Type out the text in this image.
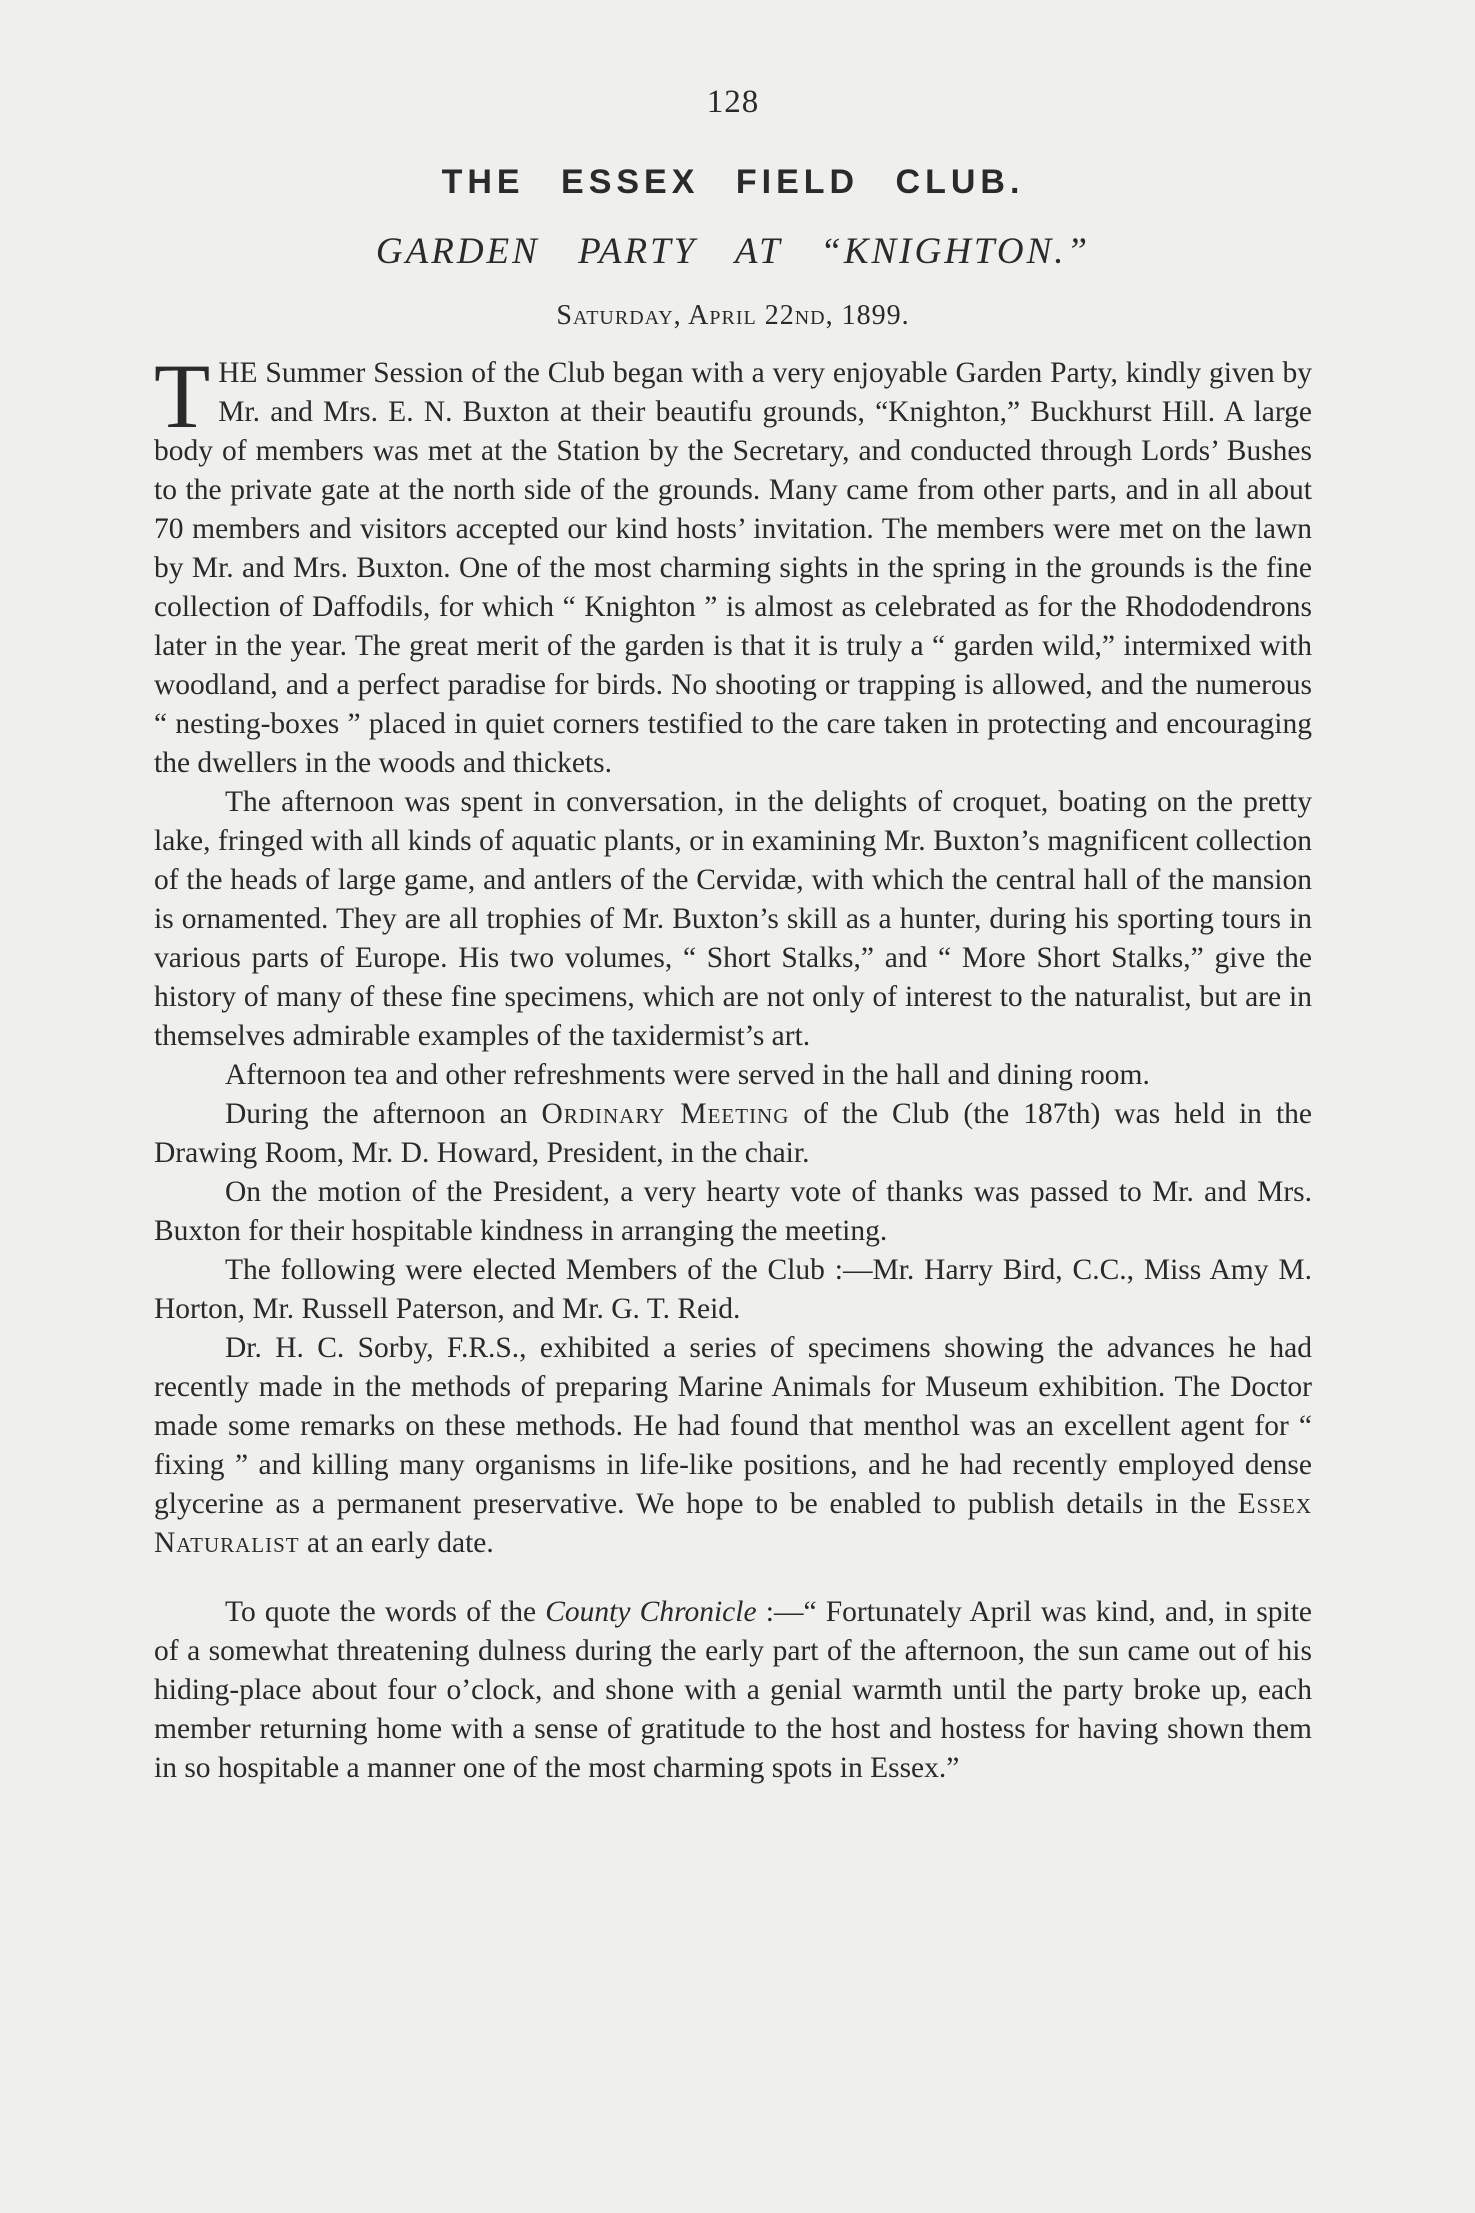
128
THE ESSEX FIELD CLUB.
GARDEN PARTY AT “KNIGHTON.”
Saturday, April 22nd, 1899.

THE Summer Session of the Club began with a very enjoyable Garden Party, kindly given by Mr. and Mrs. E. N. Buxton at their beautifu grounds, “Knighton,” Buckhurst Hill. A large body of members was met at the Station by the Secretary, and conducted through Lords’ Bushes to the private gate at the north side of the grounds. Many came from other parts, and in all about 70 members and visitors accepted our kind hosts’ invitation. The members were met on the lawn by Mr. and Mrs. Buxton. One of the most charming sights in the spring in the grounds is the fine collection of Daffodils, for which “ Knighton ” is almost as celebrated as for the Rhododendrons later in the year. The great merit of the garden is that it is truly a “ garden wild,” intermixed with woodland, and a perfect paradise for birds. No shooting or trapping is allowed, and the numerous “ nesting-boxes ” placed in quiet corners testified to the care taken in protecting and encouraging the dwellers in the woods and thickets.

The afternoon was spent in conversation, in the delights of croquet, boating on the pretty lake, fringed with all kinds of aquatic plants, or in examining Mr. Buxton’s magnificent collection of the heads of large game, and antlers of the Cervidæ, with which the central hall of the mansion is ornamented. They are all trophies of Mr. Buxton’s skill as a hunter, during his sporting tours in various parts of Europe. His two volumes, “ Short Stalks,” and “ More Short Stalks,” give the history of many of these fine specimens, which are not only of interest to the naturalist, but are in themselves admirable examples of the taxidermist’s art.

Afternoon tea and other refreshments were served in the hall and dining room.

During the afternoon an Ordinary Meeting of the Club (the 187th) was held in the Drawing Room, Mr. D. Howard, President, in the chair.

On the motion of the President, a very hearty vote of thanks was passed to Mr. and Mrs. Buxton for their hospitable kindness in arranging the meeting.

The following were elected Members of the Club :—Mr. Harry Bird, C.C., Miss Amy M. Horton, Mr. Russell Paterson, and Mr. G. T. Reid.

Dr. H. C. Sorby, F.R.S., exhibited a series of specimens showing the advances he had recently made in the methods of preparing Marine Animals for Museum exhibition. The Doctor made some remarks on these methods. He had found that menthol was an excellent agent for “ fixing ” and killing many organisms in life-like positions, and he had recently employed dense glycerine as a permanent preservative. We hope to be enabled to publish details in the Essex Naturalist at an early date.

To quote the words of the County Chronicle :—“ Fortunately April was kind, and, in spite of a somewhat threatening dulness during the early part of the afternoon, the sun came out of his hiding-place about four o’clock, and shone with a genial warmth until the party broke up, each member returning home with a sense of gratitude to the host and hostess for having shown them in so hospitable a manner one of the most charming spots in Essex.”
